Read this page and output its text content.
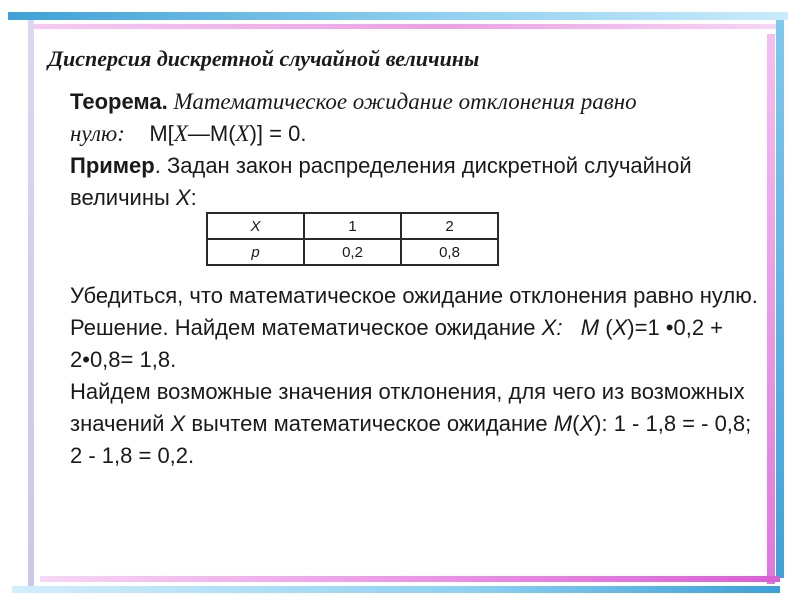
Дисперсия дискретной случайной величины
Теорема. Математическое ожидание отклонения равно нулю: M[X—M(X)] = 0.
Пример. Задан закон распределения дискретной случайной величины X:
X	1	2
p	0,2	0,8
Убедиться, что математическое ожидание отклонения равно нулю. Решение. Найдем математическое ожидание X: M (X)=1 •0,2 + 2•0,8= 1,8.
Найдем возможные значения отклонения, для чего из возможных значений X вычтем математическое ожидание M(X): 1 - 1,8 = - 0,8; 2 - 1,8 = 0,2.
